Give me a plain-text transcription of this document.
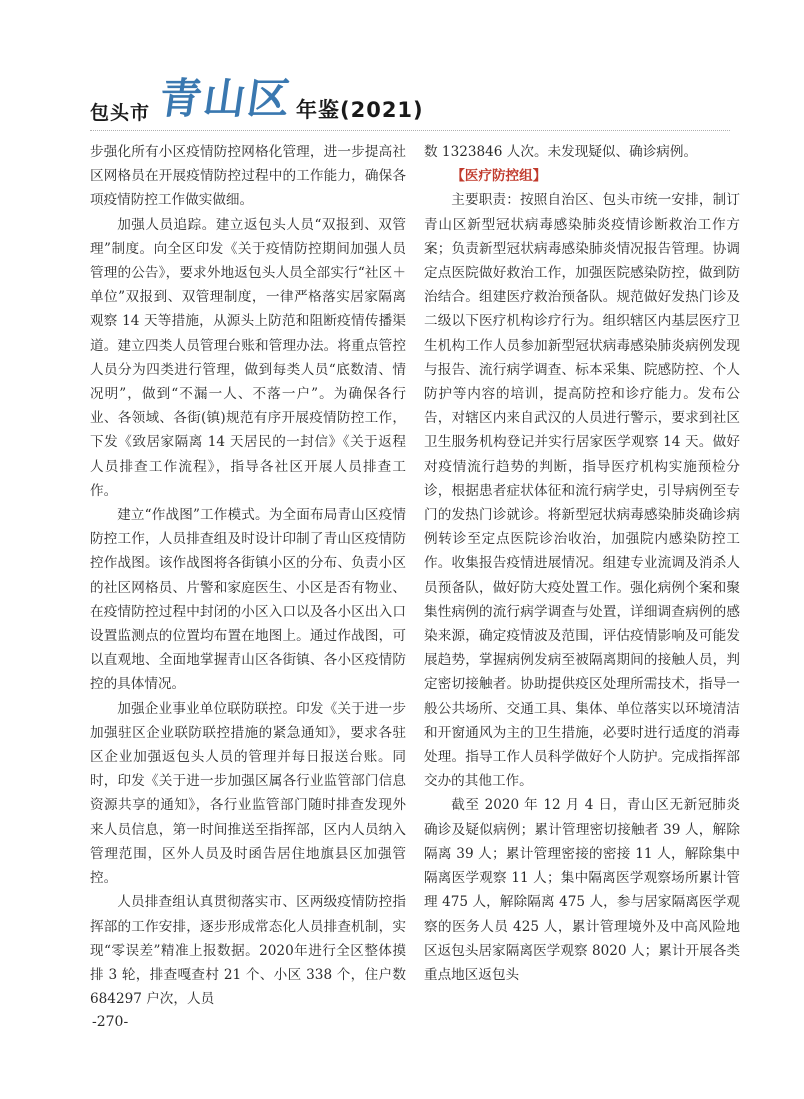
包头市 青山区 年鉴(2021)

步强化所有小区疫情防控网格化管理，进一步提高社区网格员在开展疫情防控过程中的工作能力，确保各项疫情防控工作做实做细。

加强人员追踪。建立返包头人员“双报到、双管理”制度。向全区印发《关于疫情防控期间加强人员管理的公告》，要求外地返包头人员全部实行“社区＋单位”双报到、双管理制度，一律严格落实居家隔离观察 14 天等措施，从源头上防范和阻断疫情传播渠道。建立四类人员管理台账和管理办法。将重点管控人员分为四类进行管理，做到每类人员“底数清、情况明”，做到“不漏一人、不落一户”。为确保各行业、各领域、各街(镇)规范有序开展疫情防控工作，下发《致居家隔离 14 天居民的一封信》《关于返程人员排查工作流程》，指导各社区开展人员排查工作。

建立“作战图”工作模式。为全面布局青山区疫情防控工作，人员排查组及时设计印制了青山区疫情防控作战图。该作战图将各街镇小区的分布、负责小区的社区网格员、片警和家庭医生、小区是否有物业、在疫情防控过程中封闭的小区入口以及各小区出入口设置监测点的位置均布置在地图上。通过作战图，可以直观地、全面地掌握青山区各街镇、各小区疫情防控的具体情况。

加强企业事业单位联防联控。印发《关于进一步加强驻区企业联防联控措施的紧急通知》，要求各驻区企业加强返包头人员的管理并每日报送台账。同时，印发《关于进一步加强区属各行业监管部门信息资源共享的通知》，各行业监管部门随时排查发现外来人员信息，第一时间推送至指挥部，区内人员纳入管理范围，区外人员及时函告居住地旗县区加强管控。

人员排查组认真贯彻落实市、区两级疫情防控指挥部的工作安排，逐步形成常态化人员排查机制，实现“零误差”精准上报数据。2020年进行全区整体摸排 3 轮，排查嘎查村 21 个、小区 338 个，住户数 684297 户次，人员

数 1323846 人次。未发现疑似、确诊病例。

【医疗防控组】

主要职责：按照自治区、包头市统一安排，制订青山区新型冠状病毒感染肺炎疫情诊断救治工作方案；负责新型冠状病毒感染肺炎情况报告管理。协调定点医院做好救治工作，加强医院感染防控，做到防治结合。组建医疗救治预备队。规范做好发热门诊及二级以下医疗机构诊疗行为。组织辖区内基层医疗卫生机构工作人员参加新型冠状病毒感染肺炎病例发现与报告、流行病学调查、标本采集、院感防控、个人防护等内容的培训，提高防控和诊疗能力。发布公告，对辖区内来自武汉的人员进行警示，要求到社区卫生服务机构登记并实行居家医学观察 14 天。做好对疫情流行趋势的判断，指导医疗机构实施预检分诊，根据患者症状体征和流行病学史，引导病例至专门的发热门诊就诊。将新型冠状病毒感染肺炎确诊病例转诊至定点医院诊治收治，加强院内感染防控工作。收集报告疫情进展情况。组建专业流调及消杀人员预备队，做好防大疫处置工作。强化病例个案和聚集性病例的流行病学调查与处置，详细调查病例的感染来源，确定疫情波及范围，评估疫情影响及可能发展趋势，掌握病例发病至被隔离期间的接触人员，判定密切接触者。协助提供疫区处理所需技术，指导一般公共场所、交通工具、集体、单位落实以环境清洁和开窗通风为主的卫生措施，必要时进行适度的消毒处理。指导工作人员科学做好个人防护。完成指挥部交办的其他工作。

截至 2020 年 12 月 4 日，青山区无新冠肺炎确诊及疑似病例；累计管理密切接触者 39 人，解除隔离 39 人；累计管理密接的密接 11 人，解除集中隔离医学观察 11 人；集中隔离医学观察场所累计管理 475 人，解除隔离 475 人，参与居家隔离医学观察的医务人员 425 人，累计管理境外及中高风险地区返包头居家隔离医学观察 8020 人；累计开展各类重点地区返包头

-270-
